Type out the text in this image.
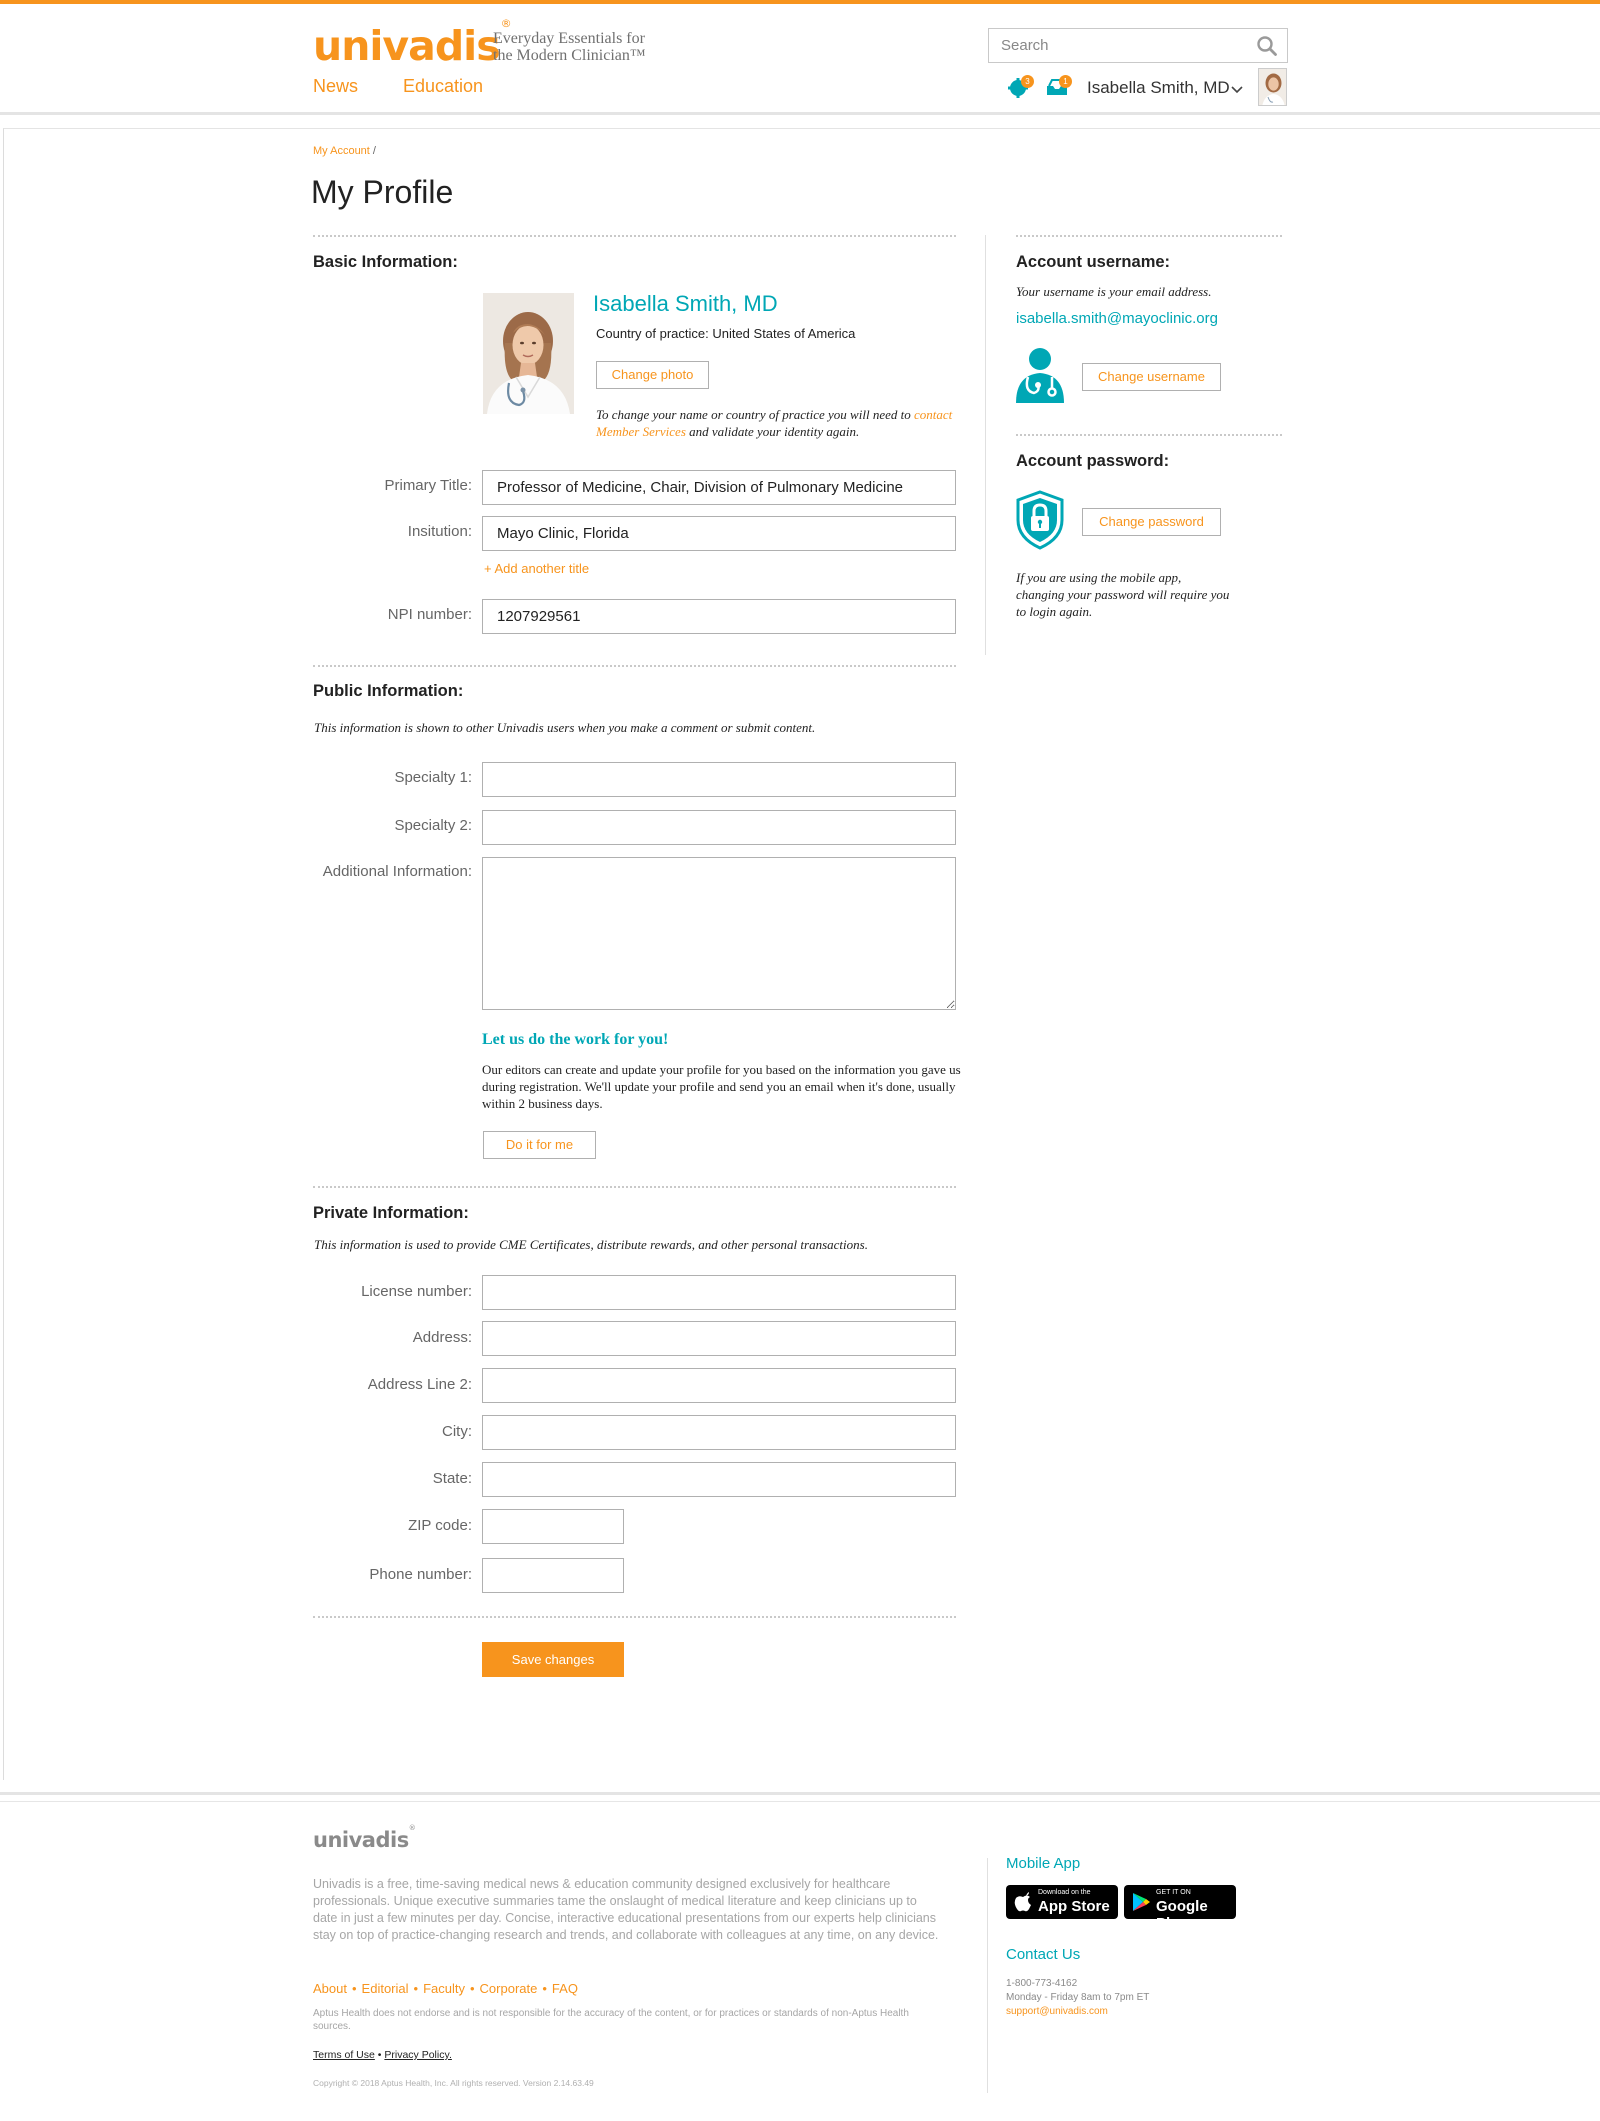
univadis®
Everyday Essentials for
the Modern Clinician™
News Education
Search	3	1 Isabella Smith, MD
My Account /
My Profile
Basic Information:
Isabella Smith, MD
Country of practice: United States of America
Change photo
To change your name or country of practice you will need to contact Member Services and validate your identity again.
Primary Title:
Professor of Medicine, Chair, Division of Pulmonary Medicine
Insitution:
Mayo Clinic, Florida
+ Add another title
NPI number:
1207929561
Public Information:
This information is shown to other Univadis users when you make a comment or submit content.
Specialty 1:
Specialty 2:
Additional Information:
Let us do the work for you!
Our editors can create and update your profile for you based on the information you gave us during registration. We'll update your profile and send you an email when it's done, usually within 2 business days.
Do it for me
Private Information:
This information is used to provide CME Certificates, distribute rewards, and other personal transactions.
License number:
Address:
Address Line 2:
City:
State:
ZIP code:
Phone number:
Save changes
Account username:
Your username is your email address.
isabella.smith@mayoclinic.org
Change username
Account password:
Change password
If you are using the mobile app, changing your password will require you to login again.
univadis®
Univadis is a free, time-saving medical news & education community designed exclusively for healthcare professionals. Unique executive summaries tame the onslaught of medical literature and keep clinicians up to date in just a few minutes per day. Concise, interactive educational presentations from our experts help clinicians stay on top of practice-changing research and trends, and collaborate with colleagues at any time, on any device.
About • Editorial • Faculty • Corporate • FAQ
Aptus Health does not endorse and is not responsible for the accuracy of the content, or for practices or standards of non-Aptus Health sources.
Terms of Use • Privacy Policy.
Copyright © 2018 Aptus Health, Inc. All rights reserved. Version 2.14.63.49
Mobile App
Download on the
App Store
GET IT ON
Google Play
Contact Us
1-800-773-4162
Monday - Friday 8am to 7pm ET
support@univadis.com
